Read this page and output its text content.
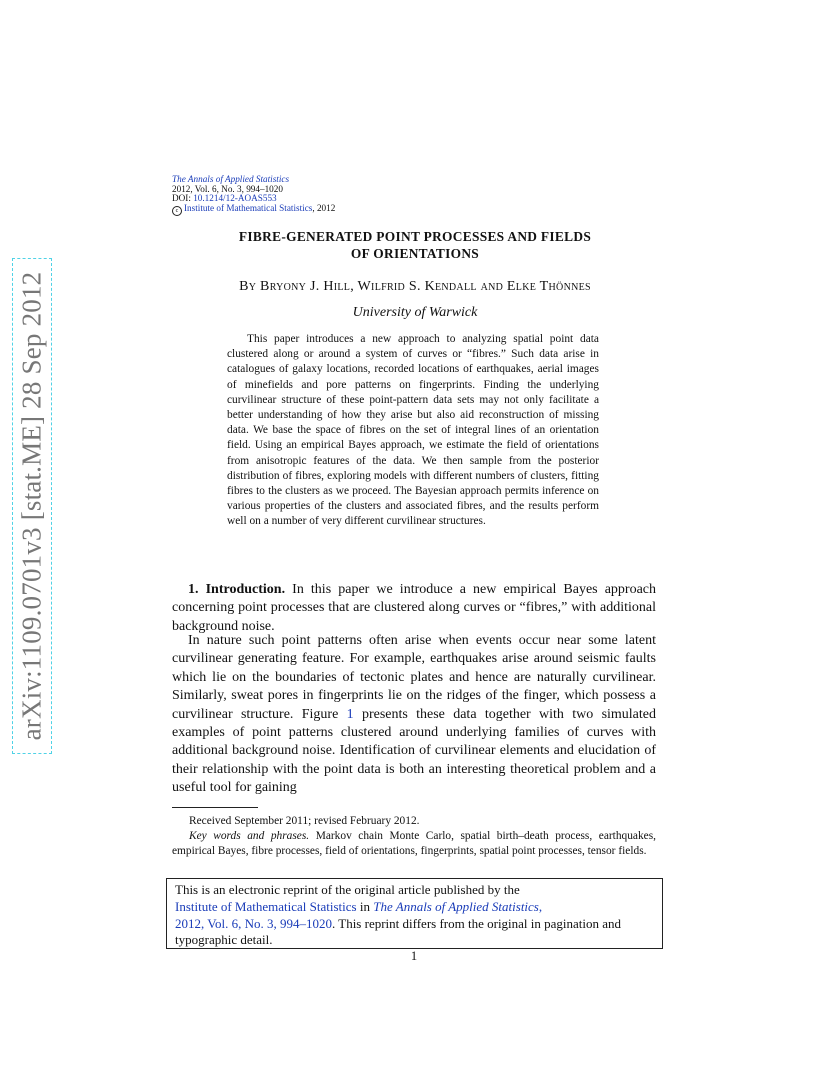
arXiv:1109.0701v3 [stat.ME] 28 Sep 2012
The Annals of Applied Statistics
2012, Vol. 6, No. 3, 994–1020
DOI: 10.1214/12-AOAS553
c Institute of Mathematical Statistics, 2012
FIBRE-GENERATED POINT PROCESSES AND FIELDS
OF ORIENTATIONS
By Bryony J. Hill, Wilfrid S. Kendall and Elke Thönnes
University of Warwick
This paper introduces a new approach to analyzing spatial point data clustered along or around a system of curves or “fibres.” Such data arise in catalogues of galaxy locations, recorded locations of earthquakes, aerial images of minefields and pore patterns on fingerprints. Finding the underlying curvilinear structure of these point-pattern data sets may not only facilitate a better understanding of how they arise but also aid reconstruction of missing data. We base the space of fibres on the set of integral lines of an orientation field. Using an empirical Bayes approach, we estimate the field of orientations from anisotropic features of the data. We then sample from the posterior distribution of fibres, exploring models with different numbers of clusters, fitting fibres to the clusters as we proceed. The Bayesian approach permits inference on various properties of the clusters and associated fibres, and the results perform well on a number of very different curvilinear structures.
1. Introduction. In this paper we introduce a new empirical Bayes approach concerning point processes that are clustered along curves or “fibres,” with additional background noise.
In nature such point patterns often arise when events occur near some latent curvilinear generating feature. For example, earthquakes arise around seismic faults which lie on the boundaries of tectonic plates and hence are naturally curvilinear. Similarly, sweat pores in fingerprints lie on the ridges of the finger, which possess a curvilinear structure. Figure 1 presents these data together with two simulated examples of point patterns clustered around underlying families of curves with additional background noise. Identification of curvilinear elements and elucidation of their relationship with the point data is both an interesting theoretical problem and a useful tool for gaining
Received September 2011; revised February 2012.
Key words and phrases. Markov chain Monte Carlo, spatial birth–death process, earthquakes, empirical Bayes, fibre processes, field of orientations, fingerprints, spatial point processes, tensor fields.
This is an electronic reprint of the original article published by the
Institute of Mathematical Statistics in The Annals of Applied Statistics,
2012, Vol. 6, No. 3, 994–1020. This reprint differs from the original in pagination and typographic detail.
1
